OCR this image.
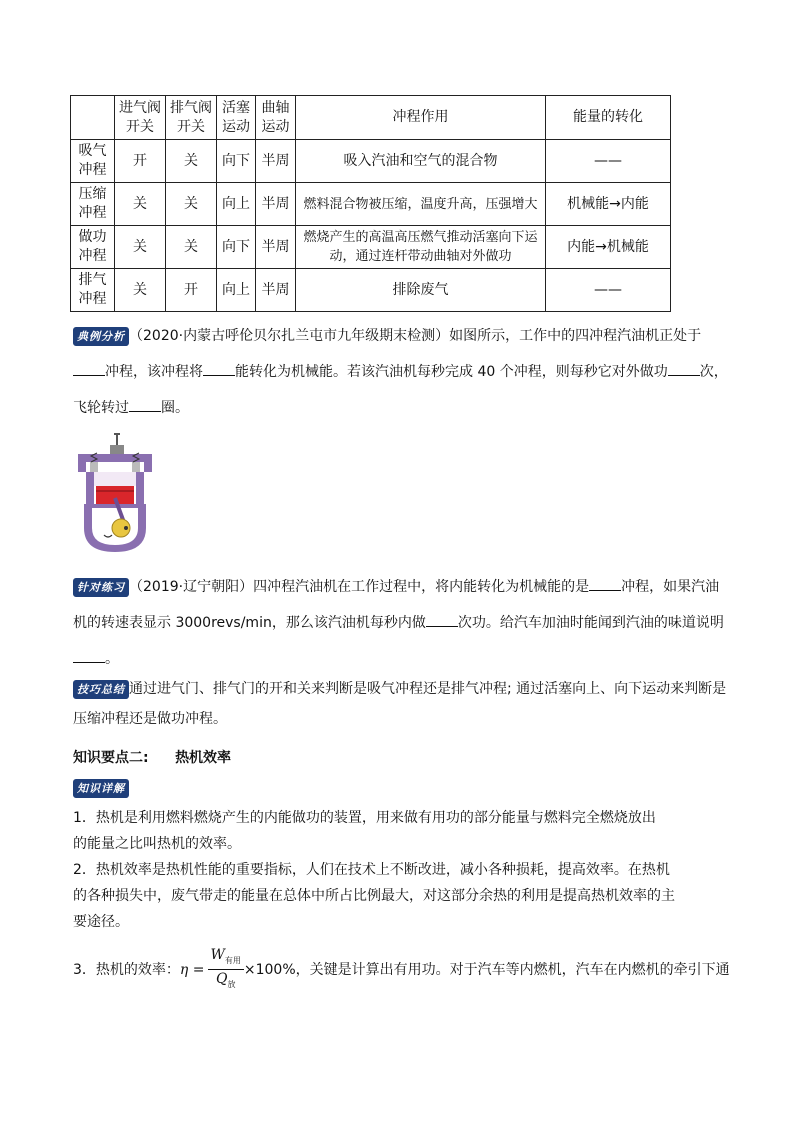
	进气阀开关	排气阀开关	活塞运动	曲轴运动	冲程作用	能量的转化
吸气冲程	开	关	向下	半周	吸入汽油和空气的混合物	——
压缩冲程	关	关	向上	半周	燃料混合物被压缩，温度升高，压强增大	机械能→内能
做功冲程	关	关	向下	半周	燃烧产生的高温高压燃气推动活塞向下运动，通过连杆带动曲轴对外做功	内能→机械能
排气冲程	关	开	向上	半周	排除废气	——
典例分析 （2020·内蒙古呼伦贝尔扎兰屯市九年级期末检测）如图所示，工作中的四冲程汽油机正处于
冲程，该冲程将 能转化为机械能。若该汽油机每秒完成 40 个冲程，则每秒它对外做功 次，
飞轮转过 圈。
针对练习 （2019·辽宁朝阳）四冲程汽油机在工作过程中，将内能转化为机械能的是 冲程，如果汽油
机的转速表显示 3000revs/min，那么该汽油机每秒内做 次功。给汽车加油时能闻到汽油的味道说明
。
技巧总结 通过进气门、排气门的开和关来判断是吸气冲程还是排气冲程; 通过活塞向上、向下运动来判断是
压缩冲程还是做功冲程。
知识要点二: 热机效率
知识详解
1．热机是利用燃料燃烧产生的内能做功的装置，用来做有用功的部分能量与燃料完全燃烧放出
的能量之比叫热机的效率。
2．热机效率是热机性能的重要指标，人们在技术上不断改进，减小各种损耗，提高效率。在热机
的各种损失中，废气带走的能量在总体中所占比例最大，对这部分余热的利用是提高热机效率的主
要途径。
3．热机的效率： $\eta = \frac{W_{有用}}{Q_放} \times 100\%$ ，关键是计算出有用功。对于汽车等内燃机，汽车在内燃机的牵引下通
